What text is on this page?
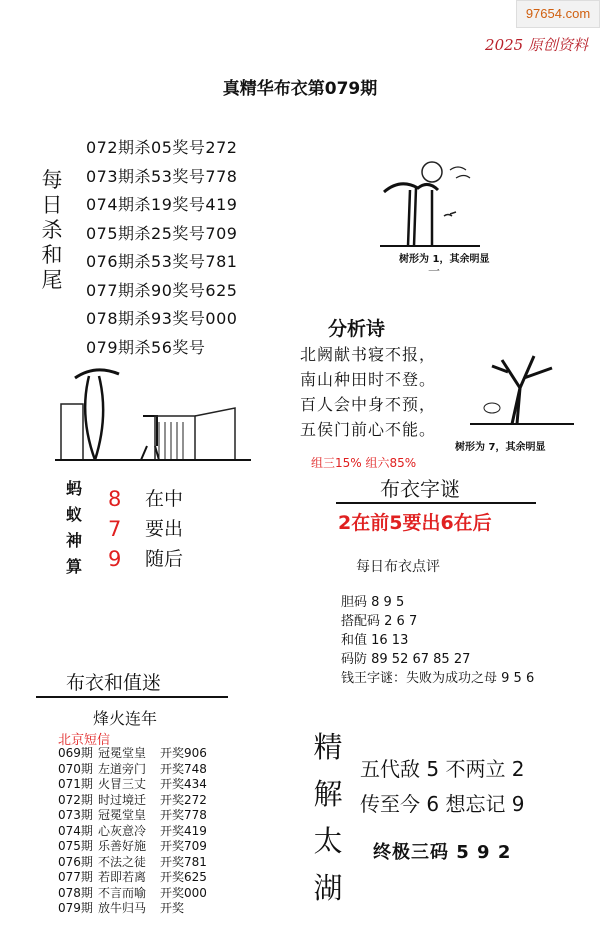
97654.com
2025 原创资料
真精华布衣第079期
每
日
杀
和
尾
072期杀05奖号272
073期杀53奖号778
074期杀19奖号419
075期杀25奖号709
076期杀53奖号781
077期杀90奖号625
078期杀93奖号000
079期杀56奖号
树形为 1，其余明显
一
分析诗
北阙献书寝不报，
南山种田时不登。
百人会中身不预，
五侯门前心不能。
树形为 7，其余明显
组三15% 组六85%
蚂
蚁
神
算
8
7
9
在中
要出
随后
布衣字谜
2在前5要出6在后
每日布衣点评
胆码 8 9 5
搭配码 2 6 7
和值 16 13
码防 89 52 67 85 27
钱王字谜：失败为成功之母 9 5 6
布衣和值迷
烽火连年
北京短信
069期 冠冕堂皇 开奖906
070期 左道旁门 开奖748
071期 火冒三丈 开奖434
072期 时过境迁 开奖272
073期 冠冕堂皇 开奖778
074期 心灰意冷 开奖419
075期 乐善好施 开奖709
076期 不法之徒 开奖781
077期 若即若离 开奖625
078期 不言而喻 开奖000
079期 放牛归马 开奖
精
解
太
湖
五代敌 5 不两立 2
传至今 6 想忘记 9
终极三码 5 9 2
